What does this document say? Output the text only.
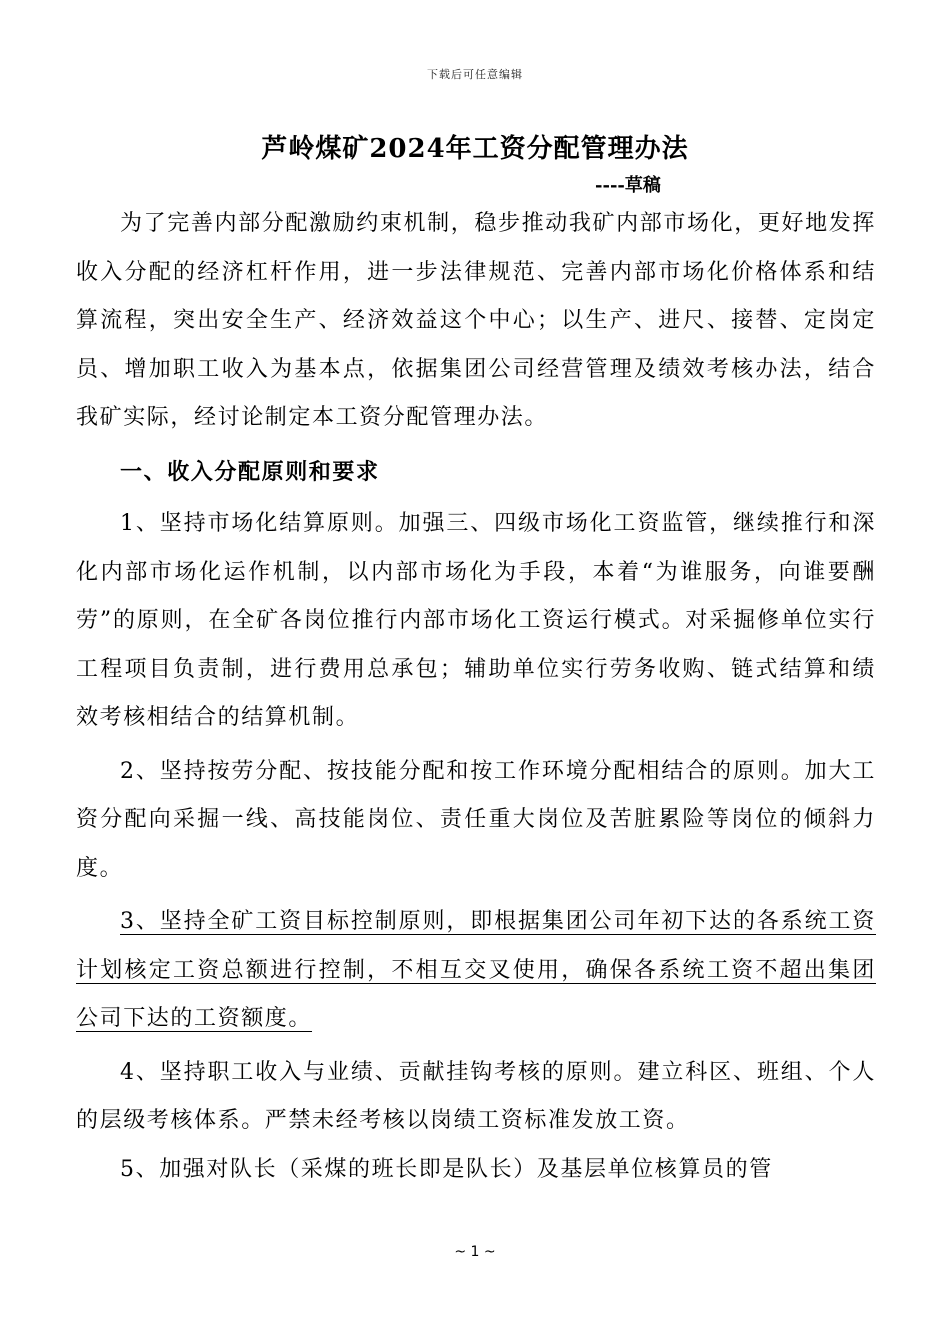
下载后可任意编辑
芦岭煤矿2024年工资分配管理办法
----草稿

为了完善内部分配激励约束机制，稳步推动我矿内部市场化，更好地发挥收入分配的经济杠杆作用，进一步法律规范、完善内部市场化价格体系和结算流程，突出安全生产、经济效益这个中心；以生产、进尺、接替、定岗定员、增加职工收入为基本点，依据集团公司经营管理及绩效考核办法，结合我矿实际，经讨论制定本工资分配管理办法。

一、收入分配原则和要求

1、坚持市场化结算原则。加强三、四级市场化工资监管，继续推行和深化内部市场化运作机制，以内部市场化为手段，本着“为谁服务，向谁要酬劳”的原则，在全矿各岗位推行内部市场化工资运行模式。对采掘修单位实行工程项目负责制，进行费用总承包；辅助单位实行劳务收购、链式结算和绩效考核相结合的结算机制。

2、坚持按劳分配、按技能分配和按工作环境分配相结合的原则。加大工资分配向采掘一线、高技能岗位、责任重大岗位及苦脏累险等岗位的倾斜力度。

3、坚持全矿工资目标控制原则，即根据集团公司年初下达的各系统工资计划核定工资总额进行控制，不相互交叉使用，确保各系统工资不超出集团公司下达的工资额度。

4、坚持职工收入与业绩、贡献挂钩考核的原则。建立科区、班组、个人的层级考核体系。严禁未经考核以岗绩工资标准发放工资。

5、加强对队长（采煤的班长即是队长）及基层单位核算员的管

~ 1 ~
